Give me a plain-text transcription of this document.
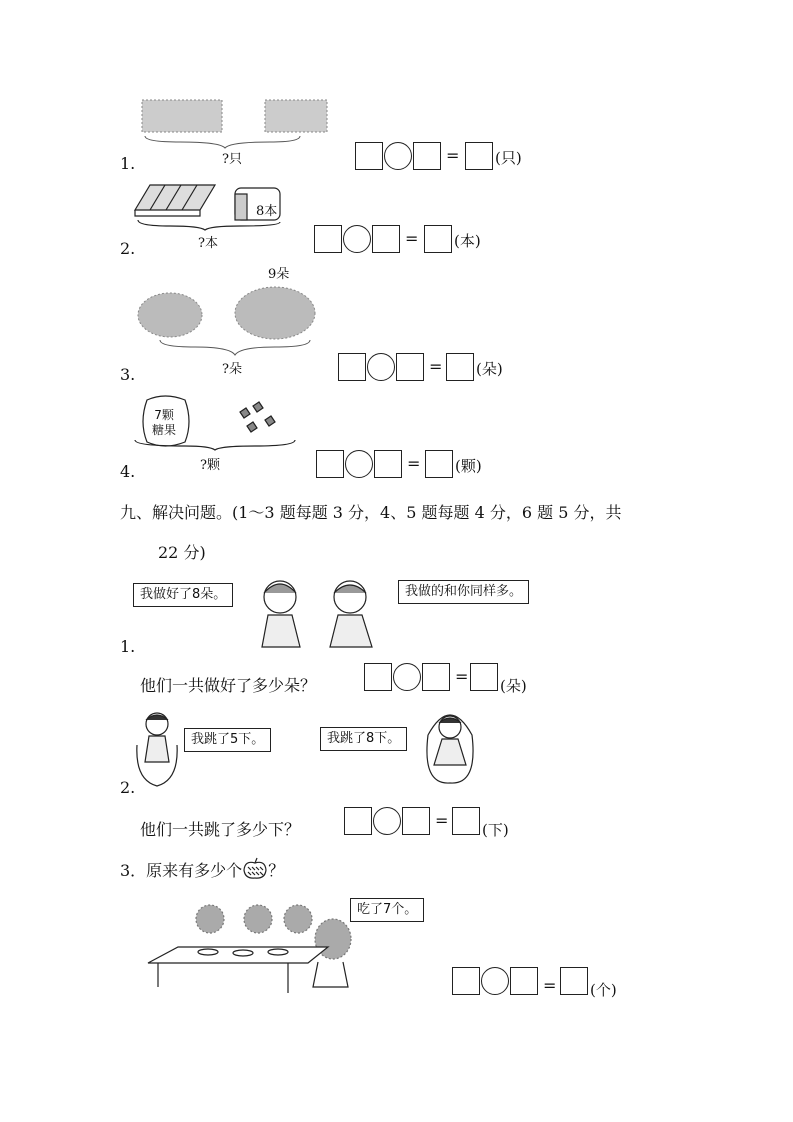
1.	?只	= (只)
8本
2.	?本	= (本)
9朵
3.	?朵	= (朵)
7颗
糖果
4.	?颗	= (颗)
九、解决问题。(1～3 题每题 3 分，4、5 题每题 4 分，6 题 5 分，共
22 分)
我做好了8朵。	我做的和你同样多。
1.
他们一共做好了多少朵？	= (朵)
我跳了5下。	我跳了8下。
2.
他们一共跳了多少下？	= (下)
3．原来有多少个 ？
吃了7个。
= (个)
